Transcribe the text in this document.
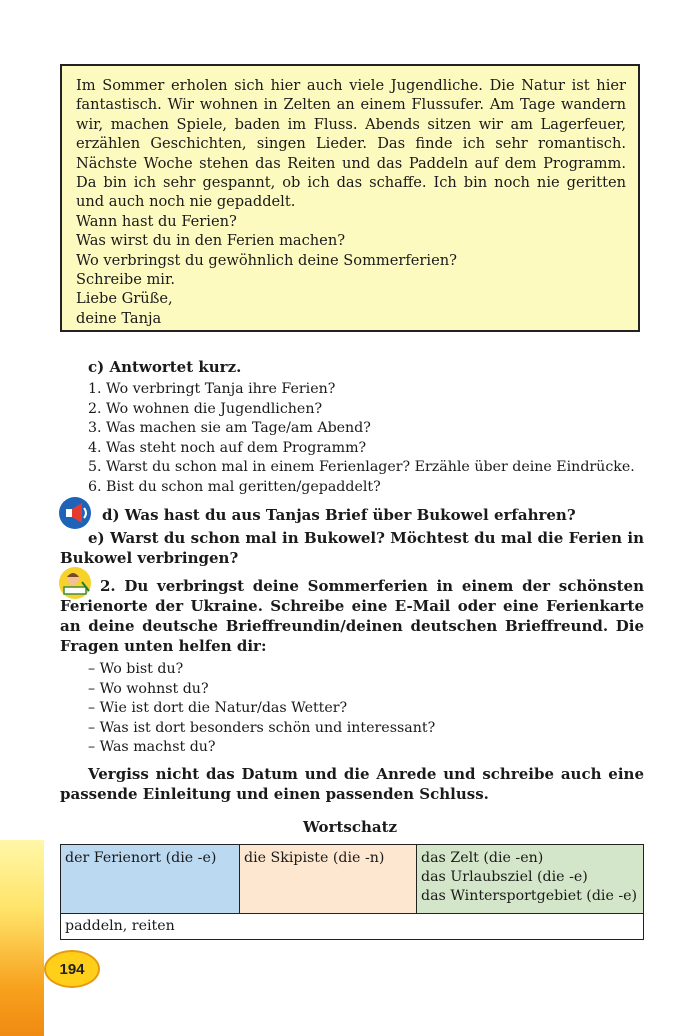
194

Im Sommer erholen sich hier auch viele Jugendliche. Die Natur ist hier fantastisch. Wir wohnen in Zelten an einem Flussufer. Am Tage wandern wir, machen Spiele, baden im Fluss. Abends sitzen wir am Lagerfeuer, erzählen Geschichten, singen Lieder. Das finde ich sehr romantisch. Nächste Woche stehen das Reiten und das Paddeln auf dem Programm. Da bin ich sehr gespannt, ob ich das schaffe. Ich bin noch nie geritten und auch noch nie gepaddelt.

Wann hast du Ferien?
Was wirst du in den Ferien machen?
Wo verbringst du gewöhnlich deine Sommerferien?
Schreibe mir.
Liebe Grüße,
deine Tanja
c) Antwortet kurz.
1. Wo verbringt Tanja ihre Ferien?
2. Wo wohnen die Jugendlichen?
3. Was machen sie am Tage/am Abend?
4. Was steht noch auf dem Programm?
5. Warst du schon mal in einem Ferienlager? Erzähle über deine Eindrücke.
6. Bist du schon mal geritten/gepaddelt?
d) Was hast du aus Tanjas Brief über Bukowel erfahren?
e) Warst du schon mal in Bukowel? Möchtest du mal die Ferien in Bukowel verbringen?
2. Du verbringst deine Sommerferien in einem der schönsten Ferienorte der Ukraine. Schreibe eine E-Mail oder eine Ferienkarte an deine deutsche Brieffreundin/deinen deutschen Brieffreund. Die Fragen unten helfen dir:
– Wo bist du?
– Wo wohnst du?
– Wie ist dort die Natur/das Wetter?
– Was ist dort besonders schön und interessant?
– Was machst du?
Vergiss nicht das Datum und die Anrede und schreibe auch eine passende Einleitung und einen passenden Schluss.
Wortschatz
der Ferienort (die -e)	die Skipiste (die -n)	das Zelt (die -en)
das Urlaubsziel (die -e)
das Wintersportgebiet (die -e)

paddeln, reiten
